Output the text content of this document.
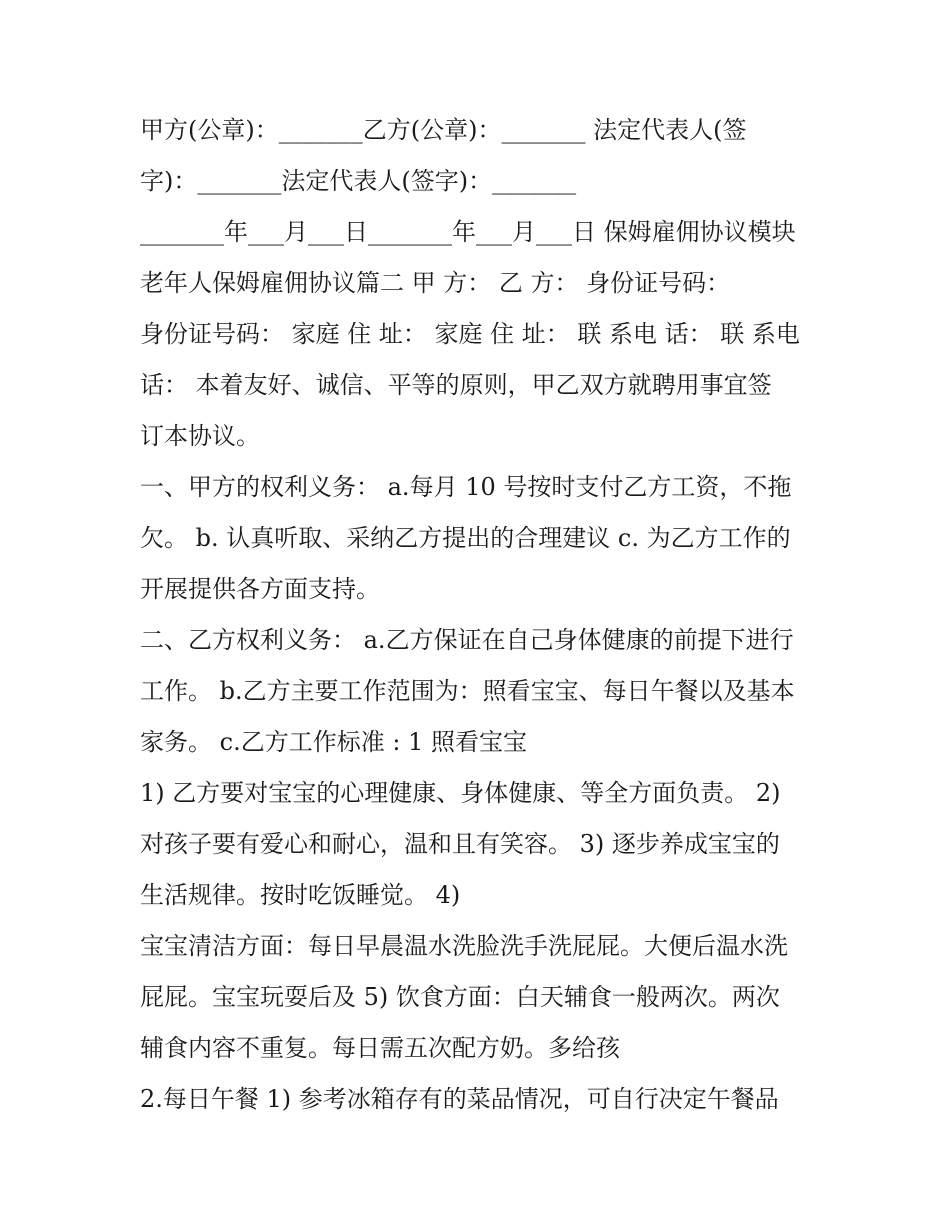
甲方(公章)：_______乙方(公章)：_______ 法定代表人(签
字)：_______法定代表人(签字)：_______
_______年___月___日_______年___月___日 保姆雇佣协议模块
老年人保姆雇佣协议篇二 甲 方： 乙 方： 身份证号码：
身份证号码： 家庭 住 址： 家庭 住 址： 联 系电 话： 联 系电
话： 本着友好、诚信、平等的原则，甲乙双方就聘用事宜签
订本协议。
一、甲方的权利义务： a.每月 10 号按时支付乙方工资，不拖
欠。 b. 认真听取、采纳乙方提出的合理建议 c. 为乙方工作的
开展提供各方面支持。
二、乙方权利义务： a.乙方保证在自己身体健康的前提下进行
工作。 b.乙方主要工作范围为：照看宝宝、每日午餐以及基本
家务。 c.乙方工作标准 : 1 照看宝宝
1) 乙方要对宝宝的心理健康、身体健康、等全方面负责。 2)
对孩子要有爱心和耐心，温和且有笑容。 3) 逐步养成宝宝的
生活规律。按时吃饭睡觉。 4)
宝宝清洁方面：每日早晨温水洗脸洗手洗屁屁。大便后温水洗
屁屁。宝宝玩耍后及 5) 饮食方面：白天辅食一般两次。两次
辅食内容不重复。每日需五次配方奶。多给孩
2.每日午餐 1) 参考冰箱存有的菜品情况，可自行决定午餐品
